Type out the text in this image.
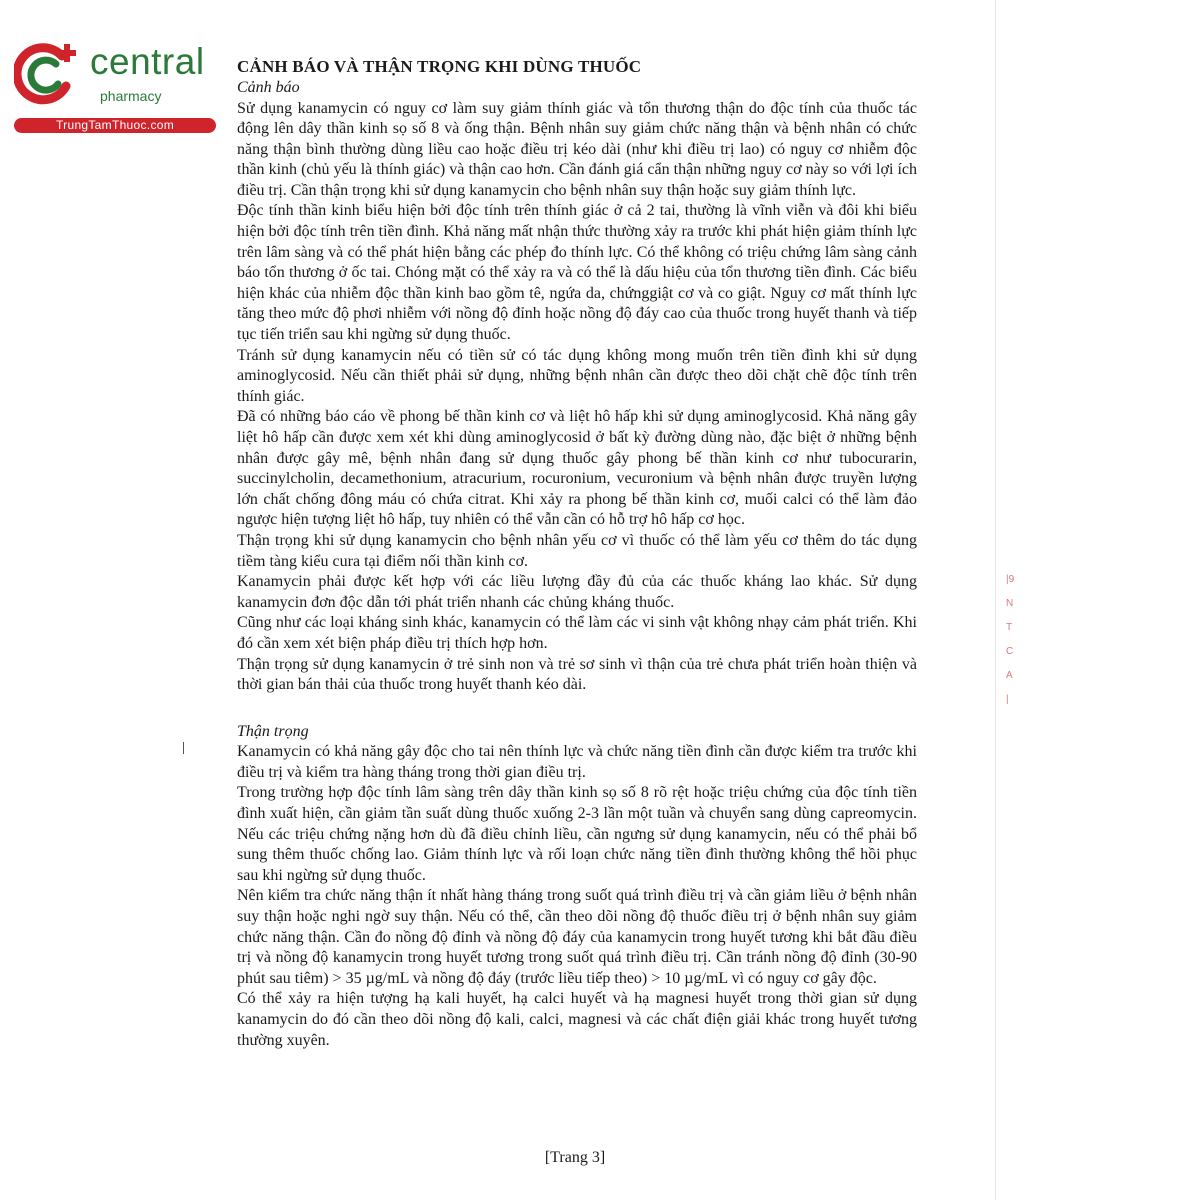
central
pharmacy
TrungTamThuoc.com
CẢNH BÁO VÀ THẬN TRỌNG KHI DÙNG THUỐC
Cảnh báo

Sử dụng kanamycin có nguy cơ làm suy giảm thính giác và tổn thương thận do độc tính của thuốc tác động lên dây thần kinh sọ số 8 và ống thận. Bệnh nhân suy giảm chức năng thận và bệnh nhân có chức năng thận bình thường dùng liều cao hoặc điều trị kéo dài (như khi điều trị lao) có nguy cơ nhiễm độc thần kinh (chủ yếu là thính giác) và thận cao hơn. Cần đánh giá cẩn thận những nguy cơ này so với lợi ích điều trị. Cần thận trọng khi sử dụng kanamycin cho bệnh nhân suy thận hoặc suy giảm thính lực.

Độc tính thần kinh biểu hiện bởi độc tính trên thính giác ở cả 2 tai, thường là vĩnh viễn và đôi khi biểu hiện bởi độc tính trên tiền đình. Khả năng mất nhận thức thường xảy ra trước khi phát hiện giảm thính lực trên lâm sàng và có thể phát hiện bằng các phép đo thính lực. Có thể không có triệu chứng lâm sàng cảnh báo tổn thương ở ốc tai. Chóng mặt có thể xảy ra và có thể là dấu hiệu của tổn thương tiền đình. Các biểu hiện khác của nhiễm độc thần kinh bao gồm tê, ngứa da, chứnggiật cơ và co giật. Nguy cơ mất thính lực tăng theo mức độ phơi nhiễm với nồng độ đỉnh hoặc nồng độ đáy cao của thuốc trong huyết thanh và tiếp tục tiến triển sau khi ngừng sử dụng thuốc.

Tránh sử dụng kanamycin nếu có tiền sử có tác dụng không mong muốn trên tiền đình khi sử dụng aminoglycosid. Nếu cần thiết phải sử dụng, những bệnh nhân cần được theo dõi chặt chẽ độc tính trên thính giác.

Đã có những báo cáo về phong bế thần kinh cơ và liệt hô hấp khi sử dụng aminoglycosid. Khả năng gây liệt hô hấp cần được xem xét khi dùng aminoglycosid ở bất kỳ đường dùng nào, đặc biệt ở những bệnh nhân được gây mê, bệnh nhân đang sử dụng thuốc gây phong bế thần kinh cơ như tubocurarin, succinylcholin, decamethonium, atracurium, rocuronium, vecuronium và bệnh nhân được truyền lượng lớn chất chống đông máu có chứa citrat. Khi xảy ra phong bế thần kinh cơ, muối calci có thể làm đảo ngược hiện tượng liệt hô hấp, tuy nhiên có thể vẫn cần có hỗ trợ hô hấp cơ học.

Thận trọng khi sử dụng kanamycin cho bệnh nhân yếu cơ vì thuốc có thể làm yếu cơ thêm do tác dụng tiềm tàng kiểu cura tại điểm nối thần kinh cơ.

Kanamycin phải được kết hợp với các liều lượng đầy đủ của các thuốc kháng lao khác. Sử dụng kanamycin đơn độc dẫn tới phát triển nhanh các chủng kháng thuốc.

Cũng như các loại kháng sinh khác, kanamycin có thể làm các vi sinh vật không nhạy cảm phát triển. Khi đó cần xem xét biện pháp điều trị thích hợp hơn.

Thận trọng sử dụng kanamycin ở trẻ sinh non và trẻ sơ sinh vì thận của trẻ chưa phát triển hoàn thiện và thời gian bán thải của thuốc trong huyết thanh kéo dài.

Thận trọng

Kanamycin có khả năng gây độc cho tai nên thính lực và chức năng tiền đình cần được kiểm tra trước khi điều trị và kiểm tra hàng tháng trong thời gian điều trị.

Trong trường hợp độc tính lâm sàng trên dây thần kinh sọ số 8 rõ rệt hoặc triệu chứng của độc tính tiền đình xuất hiện, cần giảm tần suất dùng thuốc xuống 2-3 lần một tuần và chuyển sang dùng capreomycin. Nếu các triệu chứng nặng hơn dù đã điều chỉnh liều, cần ngưng sử dụng kanamycin, nếu có thể phải bổ sung thêm thuốc chống lao. Giảm thính lực và rối loạn chức năng tiền đình thường không thể hồi phục sau khi ngừng sử dụng thuốc.

Nên kiểm tra chức năng thận ít nhất hàng tháng trong suốt quá trình điều trị và cần giảm liều ở bệnh nhân suy thận hoặc nghi ngờ suy thận. Nếu có thể, cần theo dõi nồng độ thuốc điều trị ở bệnh nhân suy giảm chức năng thận. Cần đo nồng độ đỉnh và nồng độ đáy của kanamycin trong huyết tương khi bắt đầu điều trị và nồng độ kanamycin trong huyết tương trong suốt quá trình điều trị. Cần tránh nồng độ đỉnh (30-90 phút sau tiêm) > 35 µg/mL và nồng độ đáy (trước liều tiếp theo) > 10 µg/mL vì có nguy cơ gây độc.

Có thể xảy ra hiện tượng hạ kali huyết, hạ calci huyết và hạ magnesi huyết trong thời gian sử dụng kanamycin do đó cần theo dõi nồng độ kali, calci, magnesi và các chất điện giải khác trong huyết tương thường xuyên.

|9
N
T
C
A
|
[Trang 3]
